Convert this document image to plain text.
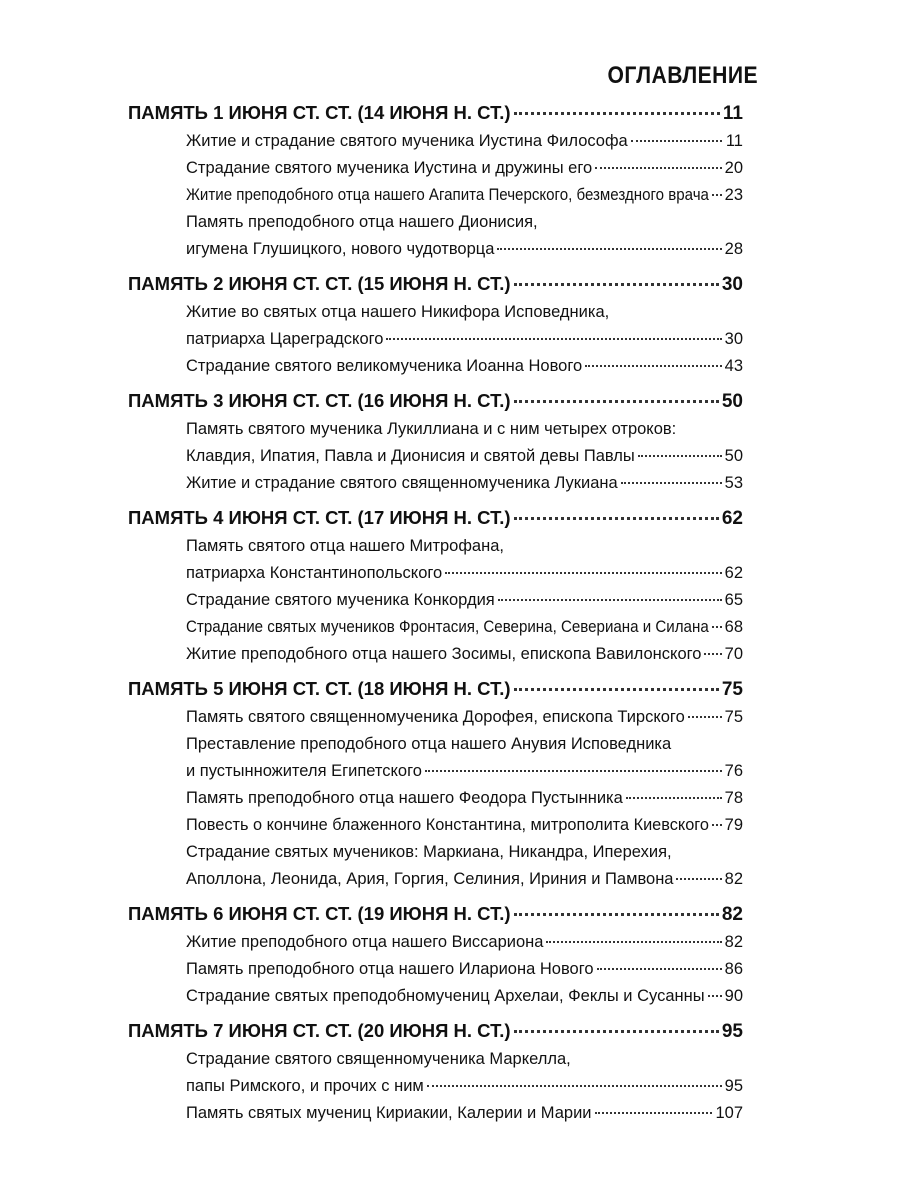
ОГЛАВЛЕНИЕ
ПАМЯТЬ 1 ИЮНЯ СТ. СТ. (14 ИЮНЯ Н. СТ.)	11
Житие и страдание святого мученика Иустина Философа	11
Страдание святого мученика Иустина и дружины его	20
Житие преподобного отца нашего Агапита Печерского, безмездного врача 23
Память преподобного отца нашего Дионисия,
игумена Глушицкого, нового чудотворца	28
ПАМЯТЬ 2 ИЮНЯ СТ. СТ. (15 ИЮНЯ Н. СТ.)	30
Житие во святых отца нашего Никифора Исповедника,
патриарха Цареградского	30
Страдание святого великомученика Иоанна Нового	43
ПАМЯТЬ 3 ИЮНЯ СТ. СТ. (16 ИЮНЯ Н. СТ.)	50
Память святого мученика Лукиллиана и с ним четырех отроков:
Клавдия, Ипатия, Павла и Дионисия и святой девы Павлы	50
Житие и страдание святого священномученика Лукиана	53
ПАМЯТЬ 4 ИЮНЯ СТ. СТ. (17 ИЮНЯ Н. СТ.)	62
Память святого отца нашего Митрофана,
патриарха Константинопольского	62
Страдание святого мученика Конкордия	65
Страдание святых мучеников Фронтасия, Северина, Севериана и Силана 68
Житие преподобного отца нашего Зосимы, епископа Вавилонского 70
ПАМЯТЬ 5 ИЮНЯ СТ. СТ. (18 ИЮНЯ Н. СТ.)	75
Память святого священномученика Дорофея, епископа Тирского 75
Преставление преподобного отца нашего Анувия Исповедника
и пустынножителя Египетского	76
Память преподобного отца нашего Феодора Пустынника	78
Повесть о кончине блаженного Константина, митрополита Киевского 79
Страдание святых мучеников: Маркиана, Никандра, Иперехия,
Аполлона, Леонида, Ария, Горгия, Селиния, Ириния и Памвона	82
ПАМЯТЬ 6 ИЮНЯ СТ. СТ. (19 ИЮНЯ Н. СТ.)	82
Житие преподобного отца нашего Виссариона	82
Память преподобного отца нашего Илариона Нового	86
Страдание святых преподобномучениц Архелаи, Феклы и Сусанны 90
ПАМЯТЬ 7 ИЮНЯ СТ. СТ. (20 ИЮНЯ Н. СТ.)	95
Страдание святого священномученика Маркелла,
папы Римского, и прочих с ним	95
Память святых мучениц Кириакии, Калерии и Марии	107
